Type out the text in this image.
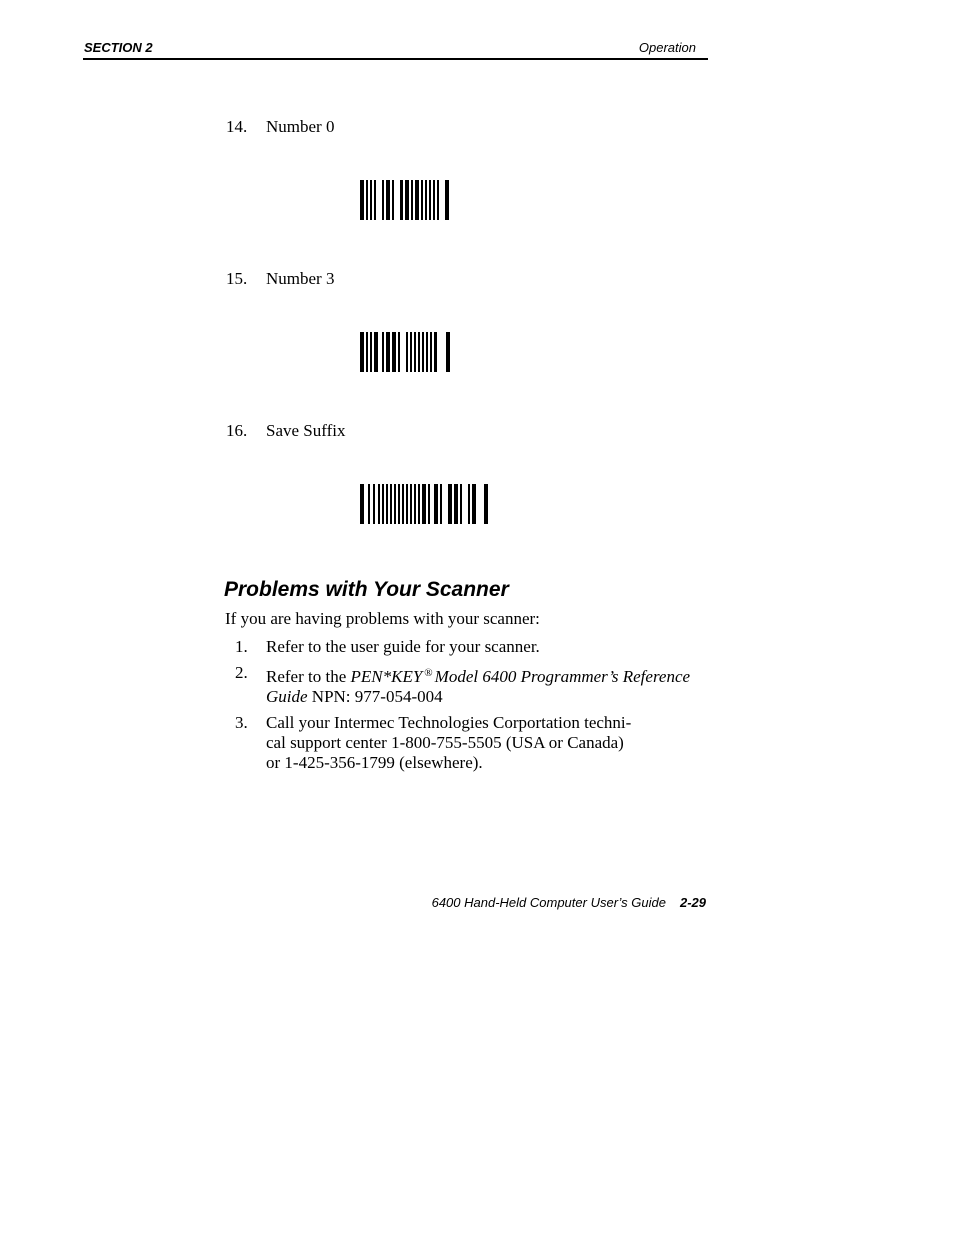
SECTION 2	Operation
14. Number 0
15. Number 3
16. Save Suffix
Problems with Your Scanner
If you are having problems with your scanner:
1. Refer to the user guide for your scanner.
2. Refer to the PEN*KEY ® Model 6400 Programmer’s Reference Guide NPN: 977-054-004
3. Call your Intermec Technologies Corportation techni-
cal support center 1-800-755-5505 (USA or Canada)
or 1-425-356-1799 (elsewhere).
6400 Hand-Held Computer User’s Guide 2-29
